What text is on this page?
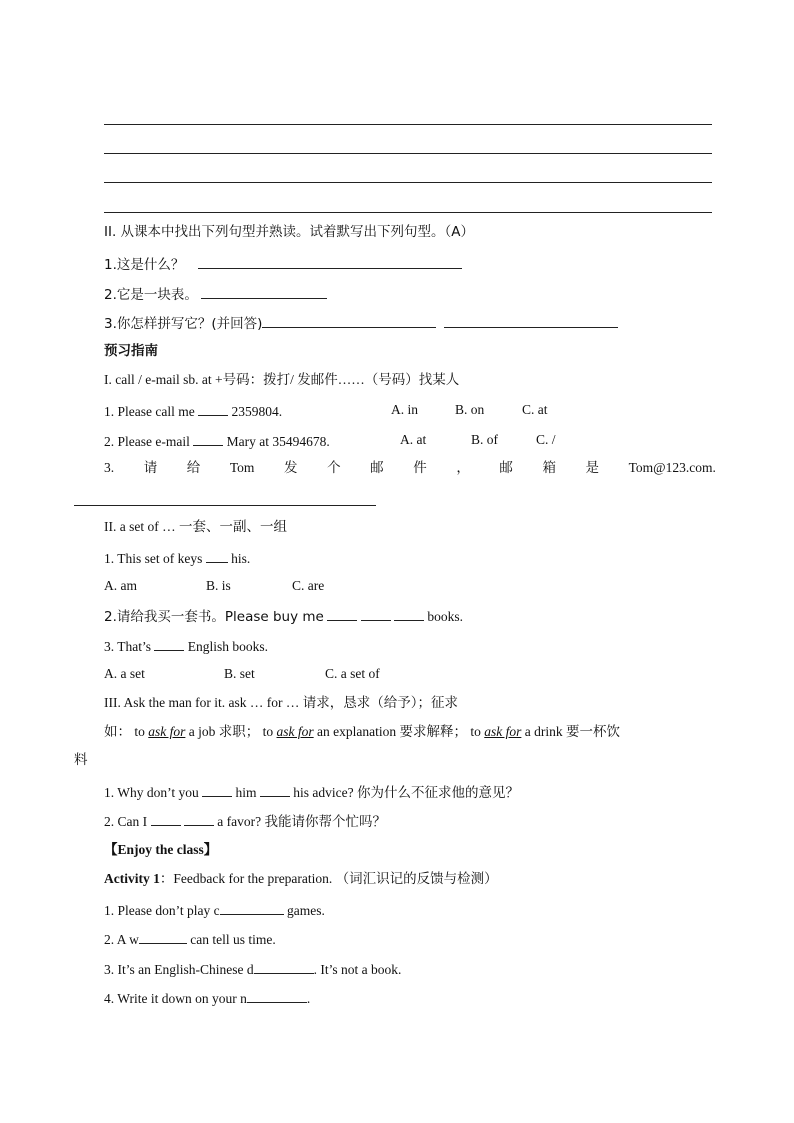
II. 从课本中找出下列句型并熟读。试着默写出下列句型。（A）
1.这是什么？
2.它是一块表。
3.你怎样拼写它？(并回答)
预习指南
I. call / e-mail sb. at +号码：拨打/ 发邮件……（号码）找某人
1. Please call me	2359804.	A. in	B. on	C. at
2. Please e-mail	Mary at 35494678.	A. at	B. of	C. /
3. 请 给 Tom 发 个 邮 件 ， 邮 箱 是 Tom@123.com.
II. a set of … 一套、一副、一组
1. This set of keys his.
A. am	B. is	C. are
2.请给我买一套书。Please buy me	books.
3. That’s	English books.
A. a set	B. set	C. a set of
III. Ask the man for it. ask … for … 请求，恳求（给予）；征求
如： to ask for a job 求职； to ask for an explanation 要求解释； to ask for a drink 要一杯饮
料
1. Why don’t you	him	his advice? 你为什么不征求他的意见？
2. Can I	a favor? 我能请你帮个忙吗？
【Enjoy the class】
Activity 1：Feedback for the preparation. （词汇识记的反馈与检测）
1. Please don’t play c	games.
2. A w	can tell us time.
3. It’s an English-Chinese d	. It’s not a book.
4. Write it down on your n	.
